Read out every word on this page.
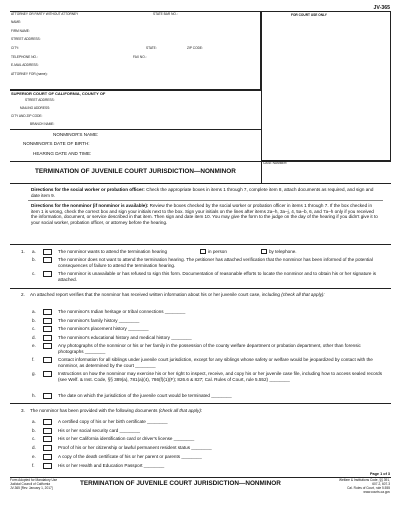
JV-365
FOR COURT USE ONLY
ATTORNEY OR PARTY WITHOUT ATTORNEY	STATE BAR NO.:
NAME:
FIRM NAME:
STREET ADDRESS:
CITY:	STATE:	ZIP CODE:
TELEPHONE NO.:	FAX NO.:
E-MAIL ADDRESS:
ATTORNEY FOR (name):
SUPERIOR COURT OF CALIFORNIA, COUNTY OF
STREET ADDRESS:
MAILING ADDRESS:
CITY AND ZIP CODE:
BRANCH NAME:
NONMINOR'S NAME:
NONMINOR'S DATE OF BIRTH:
HEARING DATE AND TIME:
CASE NUMBER:
TERMINATION OF JUVENILE COURT JURISDICTION—NONMINOR
Directions for the social worker or probation officer: Check the appropriate boxes in items 1 through 7, complete item 8, attach documents as required, and sign and date item 9.
Directions for the nonminor (if nonminor is available): Review the boxes checked by the social worker or probation officer in items 1 through 7. If the box checked in item 1 is wrong, check the correct box and sign your initials next to the box. Sign your initials on the lines after items 2a–h, 3a–j, 4, 5a–b, 6, and 7a–h only if you received the information, document, or service described in that item. Then sign and date item 10. You may give the form to the judge on the day of the hearing if you didn't give it to your social worker, probation officer, or attorney before the hearing.
1. a.	The nonminor wants to attend the termination hearing	in person	by telephone.
b.	The nonminor does not want to attend the termination hearing. The petitioner has attached verification that the nonminor has been informed of the potential consequences of failure to attend the termination hearing.
c.	The nonminor is unavailable or has refused to sign this form. Documentation of reasonable efforts to locate the nonminor and to obtain his or her signature is attached.
2. An attached report verifies that the nonminor has received written information about his or her juvenile court case, including (check all that apply):
a.	The nonminor's Indian heritage or tribal connections ________
b.	The nonminor's family history ________
c.	The nonminor's placement history ________
d.	The nonminor's educational history and medical history ________
e.	Any photographs of the nonminor or his or her family in the possession of the county welfare department or probation department, other than forensic photographs ________
f.	Contact information for all siblings under juvenile court jurisdiction, except for any siblings whose safety or welfare would be jeopardized by contact with the nonminor, as determined by the court ________
g.	Instructions on how the nonminor may exercise his or her right to inspect, receive, and copy his or her juvenile case file, including how to access sealed records (see Welf. & Inst. Code, §§ 389(a), 781(a)(4), 786(f)(1)(F); 826.6 & 827; Cal. Rules of Court, rule 5.552) ________
h.	The date on which the jurisdiction of the juvenile court would be terminated ________
3. The nonminor has been provided with the following documents (check all that apply):
a.	A certified copy of his or her birth certificate ________
b.	His or her social security card ________
c.	His or her California identification card or driver's license ________
d.	Proof of his or her citizenship or lawful permanent resident status ________
e.	A copy of the death certificate of his or her parent or parents ________
f.	His or her Health and Education Passport ________
Page 1 of 3
Form Adopted for Mandatory Use
Judicial Council of California
JV-365 [Rev. January 1, 2017]
TERMINATION OF JUVENILE COURT JURISDICTION—NONMINOR	Welfare & Institutions Code, §§ 391,
607.2, 607.3
Cal. Rules of Court, rule 5.555
www.courts.ca.gov
